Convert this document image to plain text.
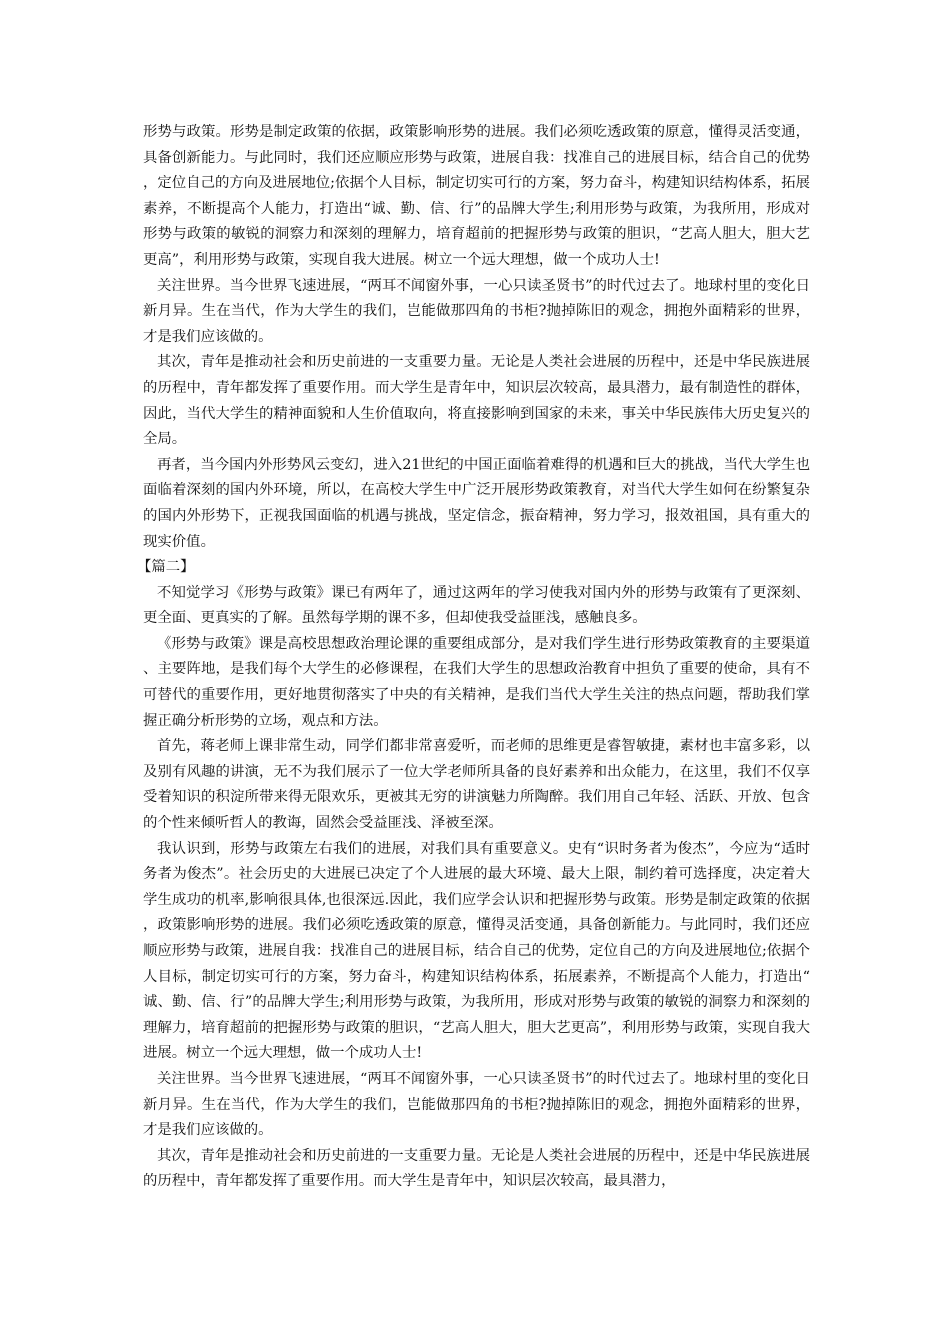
形势与政策。形势是制定政策的依据，政策影响形势的进展。我们必须吃透政策的原意，懂得灵活变通，具备创新能力。与此同时，我们还应顺应形势与政策，进展自我：找准自己的进展目标，结合自己的优势，定位自己的方向及进展地位;依据个人目标，制定切实可行的方案，努力奋斗，构建知识结构体系，拓展素养，不断提高个人能力，打造出“诚、勤、信、行”的品牌大学生;利用形势与政策，为我所用，形成对形势与政策的敏锐的洞察力和深刻的理解力，培育超前的把握形势与政策的胆识，“艺高人胆大，胆大艺更高”，利用形势与政策，实现自我大进展。树立一个远大理想，做一个成功人士!

关注世界。当今世界飞速进展，“两耳不闻窗外事，一心只读圣贤书”的时代过去了。地球村里的变化日新月异。生在当代，作为大学生的我们，岂能做那四角的书柜?抛掉陈旧的观念，拥抱外面精彩的世界，才是我们应该做的。

其次，青年是推动社会和历史前进的一支重要力量。无论是人类社会进展的历程中，还是中华民族进展的历程中，青年都发挥了重要作用。而大学生是青年中，知识层次较高，最具潜力，最有制造性的群体，因此，当代大学生的精神面貌和人生价值取向，将直接影响到国家的未来，事关中华民族伟大历史复兴的全局。

再者，当今国内外形势风云变幻，进入21世纪的中国正面临着难得的机遇和巨大的挑战，当代大学生也面临着深刻的国内外环境，所以，在高校大学生中广泛开展形势政策教育，对当代大学生如何在纷繁复杂的国内外形势下，正视我国面临的机遇与挑战，坚定信念，振奋精神，努力学习，报效祖国，具有重大的现实价值。

【篇二】

不知觉学习《形势与政策》课已有两年了，通过这两年的学习使我对国内外的形势与政策有了更深刻、更全面、更真实的了解。虽然每学期的课不多，但却使我受益匪浅，感触良多。

《形势与政策》课是高校思想政治理论课的重要组成部分，是对我们学生进行形势政策教育的主要渠道、主要阵地，是我们每个大学生的必修课程，在我们大学生的思想政治教育中担负了重要的使命，具有不可替代的重要作用，更好地贯彻落实了中央的有关精神，是我们当代大学生关注的热点问题，帮助我们掌握正确分析形势的立场，观点和方法。

首先，蒋老师上课非常生动，同学们都非常喜爱听，而老师的思维更是睿智敏捷，素材也丰富多彩，以及别有风趣的讲演，无不为我们展示了一位大学老师所具备的良好素养和出众能力，在这里，我们不仅享受着知识的积淀所带来得无限欢乐，更被其无穷的讲演魅力所陶醉。我们用自己年轻、活跃、开放、包含的个性来倾听哲人的教诲，固然会受益匪浅、泽被至深。

我认识到，形势与政策左右我们的进展，对我们具有重要意义。史有“识时务者为俊杰”，今应为“适时务者为俊杰”。社会历史的大进展已决定了个人进展的最大环境、最大上限，制约着可选择度，决定着大学生成功的机率,影响很具体,也很深远.因此，我们应学会认识和把握形势与政策。形势是制定政策的依据，政策影响形势的进展。我们必须吃透政策的原意，懂得灵活变通，具备创新能力。与此同时，我们还应顺应形势与政策，进展自我：找准自己的进展目标，结合自己的优势，定位自己的方向及进展地位;依据个人目标，制定切实可行的方案，努力奋斗，构建知识结构体系，拓展素养，不断提高个人能力，打造出“诚、勤、信、行”的品牌大学生;利用形势与政策，为我所用，形成对形势与政策的敏锐的洞察力和深刻的理解力，培育超前的把握形势与政策的胆识，“艺高人胆大，胆大艺更高”，利用形势与政策，实现自我大进展。树立一个远大理想，做一个成功人士!

关注世界。当今世界飞速进展，“两耳不闻窗外事，一心只读圣贤书”的时代过去了。地球村里的变化日新月异。生在当代，作为大学生的我们，岂能做那四角的书柜?抛掉陈旧的观念，拥抱外面精彩的世界，才是我们应该做的。

其次，青年是推动社会和历史前进的一支重要力量。无论是人类社会进展的历程中，还是中华民族进展的历程中，青年都发挥了重要作用。而大学生是青年中，知识层次较高，最具潜力，
